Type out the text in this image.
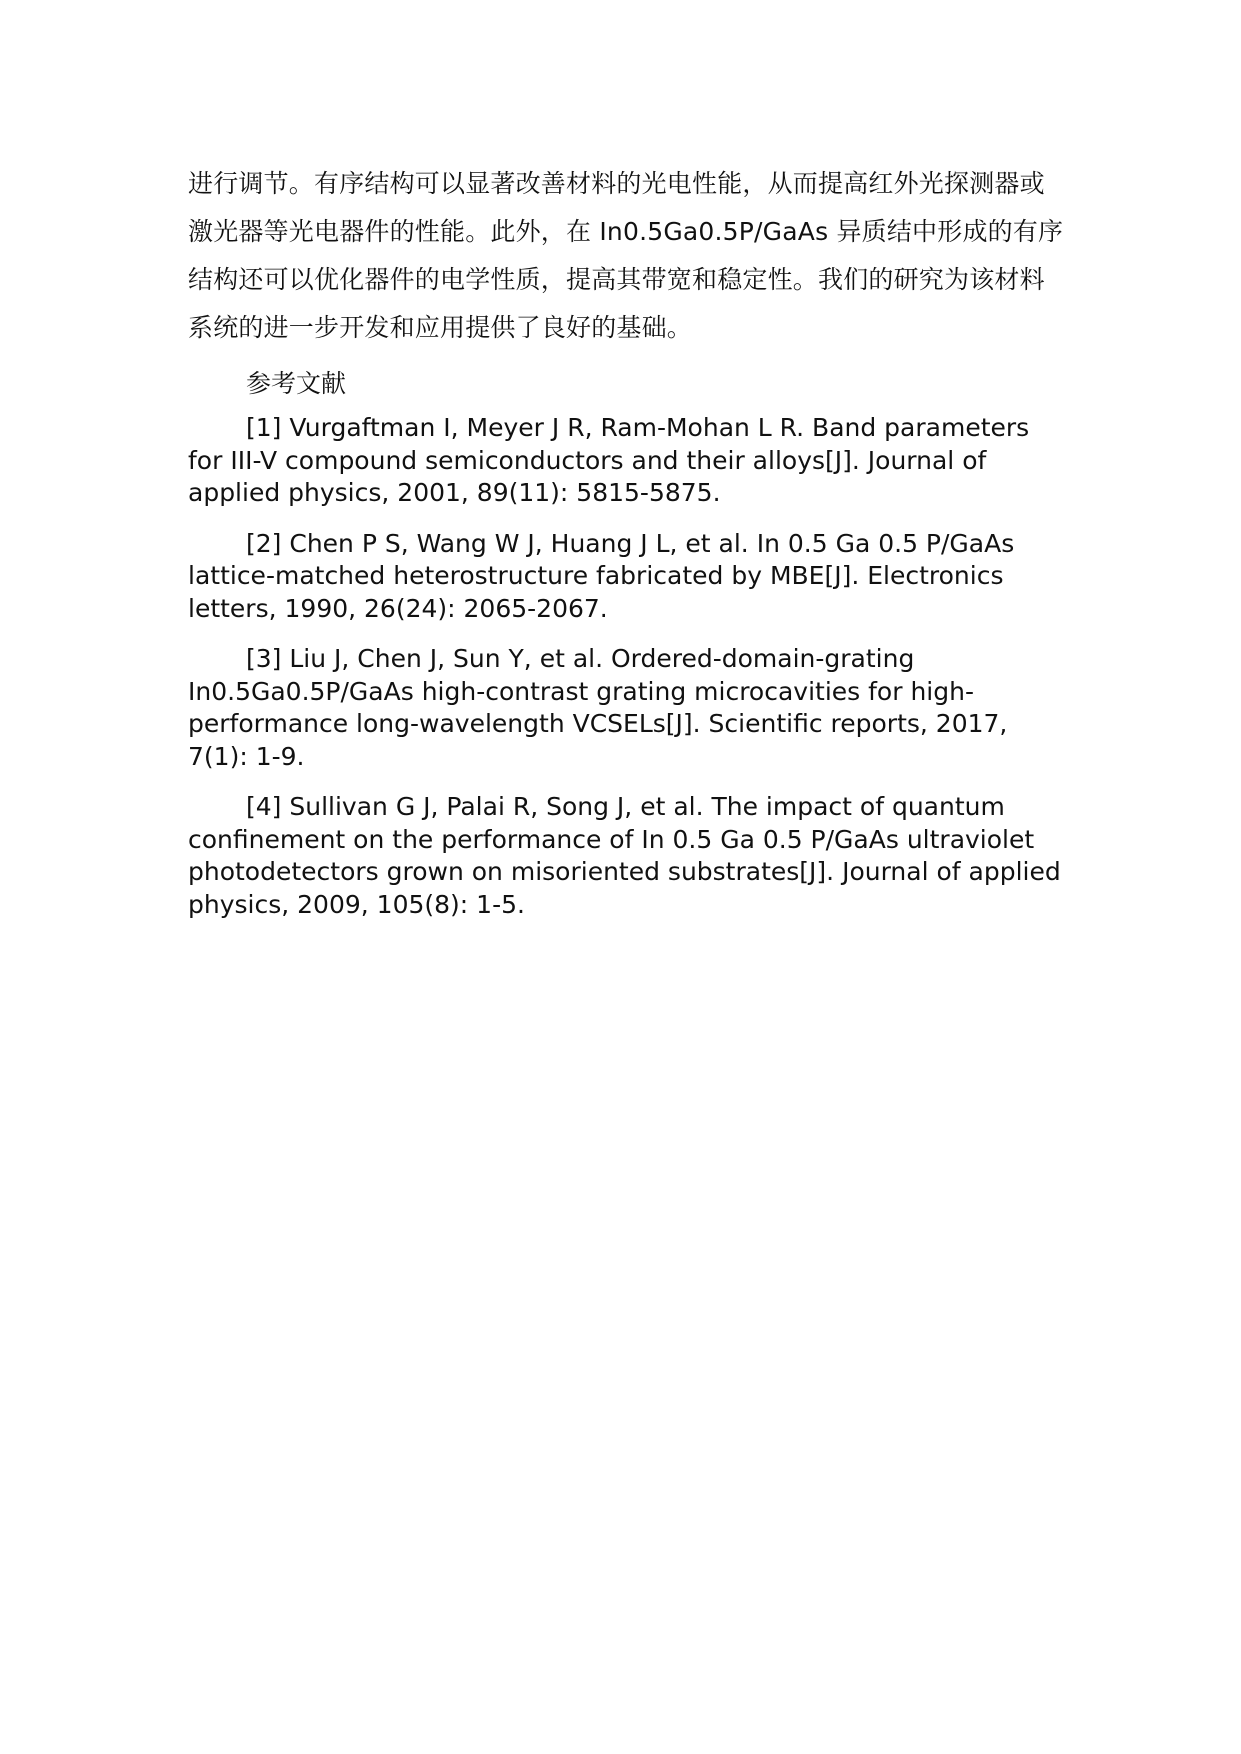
进行调节。有序结构可以显著改善材料的光电性能，从而提高红外光探测器或激光器等光电器件的性能。此外，在 In0.5Ga0.5P/GaAs 异质结中形成的有序结构还可以优化器件的电学性质，提高其带宽和稳定性。我们的研究为该材料系统的进一步开发和应用提供了良好的基础。

参考文献

[1] Vurgaftman I, Meyer J R, Ram-Mohan L R. Band parameters for III-V compound semiconductors and their alloys[J]. Journal of applied physics, 2001, 89(11): 5815-5875.
[2] Chen P S, Wang W J, Huang J L, et al. In 0.5 Ga 0.5 P/GaAs lattice-matched heterostructure fabricated by MBE[J]. Electronics letters, 1990, 26(24): 2065-2067.
[3] Liu J, Chen J, Sun Y, et al. Ordered-domain-grating In0.5Ga0.5P/GaAs high-contrast grating microcavities for high-performance long-wavelength VCSELs[J]. Scientific reports, 2017, 7(1): 1-9.
[4] Sullivan G J, Palai R, Song J, et al. The impact of quantum confinement on the performance of In 0.5 Ga 0.5 P/GaAs ultraviolet photodetectors grown on misoriented substrates[J]. Journal of applied physics, 2009, 105(8): 1-5.
